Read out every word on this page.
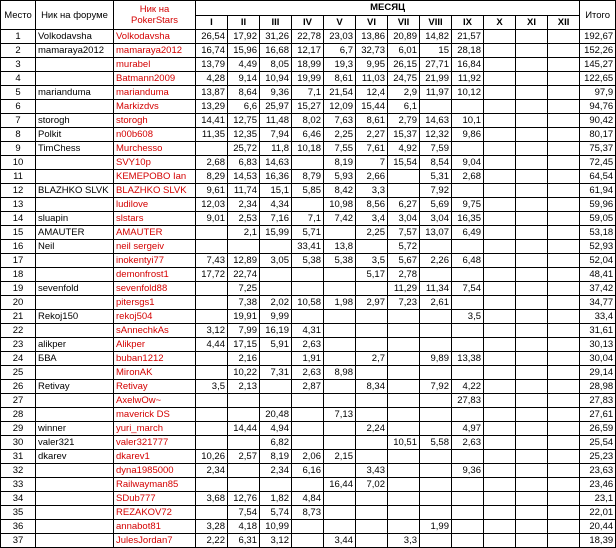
Место	Ник на форуме	Ник на
PokerStars	МЕСЯЦ												Итого
			I	II	III	IV	V	VI	VII	VIII	IX	X	XI	XII	
1	Volkodavsha	Volkodavsha	26,54	17,92	31,26	22,78	23,03	13,86	20,89	14,82	21,57				192,67
2	mamaraya2012	mamaraya2012	16,74	15,96	16,68	12,17	6,7	32,73	6,01	15	28,18				152,26
3		murabel	13,79	4,49	8,05	18,99	19,3	9,95	26,15	27,71	16,84				145,27
4		Batmann2009	4,28	9,14	10,94	19,99	8,61	11,03	24,75	21,99	11,92				122,65
5	marianduma	marianduma	13,87	8,64	9,36	7,1	21,54	12,4	2,9	11,97	10,12				97,9
6		Markizdvs	13,29	6,6	25,97	15,27	12,09	15,44	6,1						94,76
7	storogh	storogh	14,41	12,75	11,48	8,02	7,63	8,61	2,79	14,63	10,1				90,42
8	Polkit	n00b608	11,35	12,35	7,94	6,46	2,25	2,27	15,37	12,32	9,86				80,17
9	TimChess	Murchesso		25,72	11,8	10,18	7,55	7,61	4,92	7,59					75,37
10		SVY10p	2,68	6,83	14,63		8,19	7	15,54	8,54	9,04				72,45
11		KEMEPOBO Ian	8,29	14,53	16,36	8,79	5,93	2,66		5,31	2,68				64,54
12	BLAZHKO SLVK	BLAZHKO SLVK	9,61	11,74	15,1	5,85	8,42	3,3		7,92					61,94
13		ludilove	12,03	2,34	4,34		10,98	8,56	6,27	5,69	9,75				59,96
14	sluapin	slstars	9,01	2,53	7,16	7,1	7,42	3,4	3,04	3,04	16,35				59,05
15	AMAUTER	AMAUTER		2,1	15,99	5,71		2,25	7,57	13,07	6,49				53,18
16	Neil	neil sergeiv				33,41	13,8		5,72						52,93
17		inokentyi77	7,43	12,89	3,05	5,38	5,38	3,5	5,67	2,26	6,48				52,04
18		demonfrost1	17,72	22,74				5,17	2,78						48,41
19	sevenfold	sevenfold88		7,25					11,29	11,34	7,54				37,42
20		pitersgs1		7,38	2,02	10,58	1,98	2,97	7,23	2,61					34,77
21	Rekoj150	rekoj504		19,91	9,99						3,5				33,4
22		sAnnechkAs	3,12	7,99	16,19	4,31									31,61
23	alikper	Alikper	4,44	17,15	5,91	2,63									30,13
24	БВА	buban1212		2,16		1,91		2,7		9,89	13,38				30,04
25		MironAK		10,22	7,31	2,63	8,98								29,14
26	Retivay	Retivay	3,5	2,13		2,87		8,34		7,92	4,22				28,98
27		AxelwOw~									27,83				27,83
28		maverick DS			20,48		7,13								27,61
29	winner	yuri_march		14,44	4,94			2,24			4,97				26,59
30	valer321	valer321777			6,82				10,51	5,58	2,63				25,54
31	dkarev	dkarev1	10,26	2,57	8,19	2,06	2,15								25,23
32		dyna1985000	2,34		2,34	6,16		3,43			9,36				23,63
33		Railwayman85					16,44	7,02							23,46
34		SDub777	3,68	12,76	1,82	4,84									23,1
35		REZAKOV72		7,54	5,74	8,73									22,01
36		annabot81	3,28	4,18	10,99					1,99					20,44
37		JulesJordan7	2,22	6,31	3,12		3,44		3,3						18,39
